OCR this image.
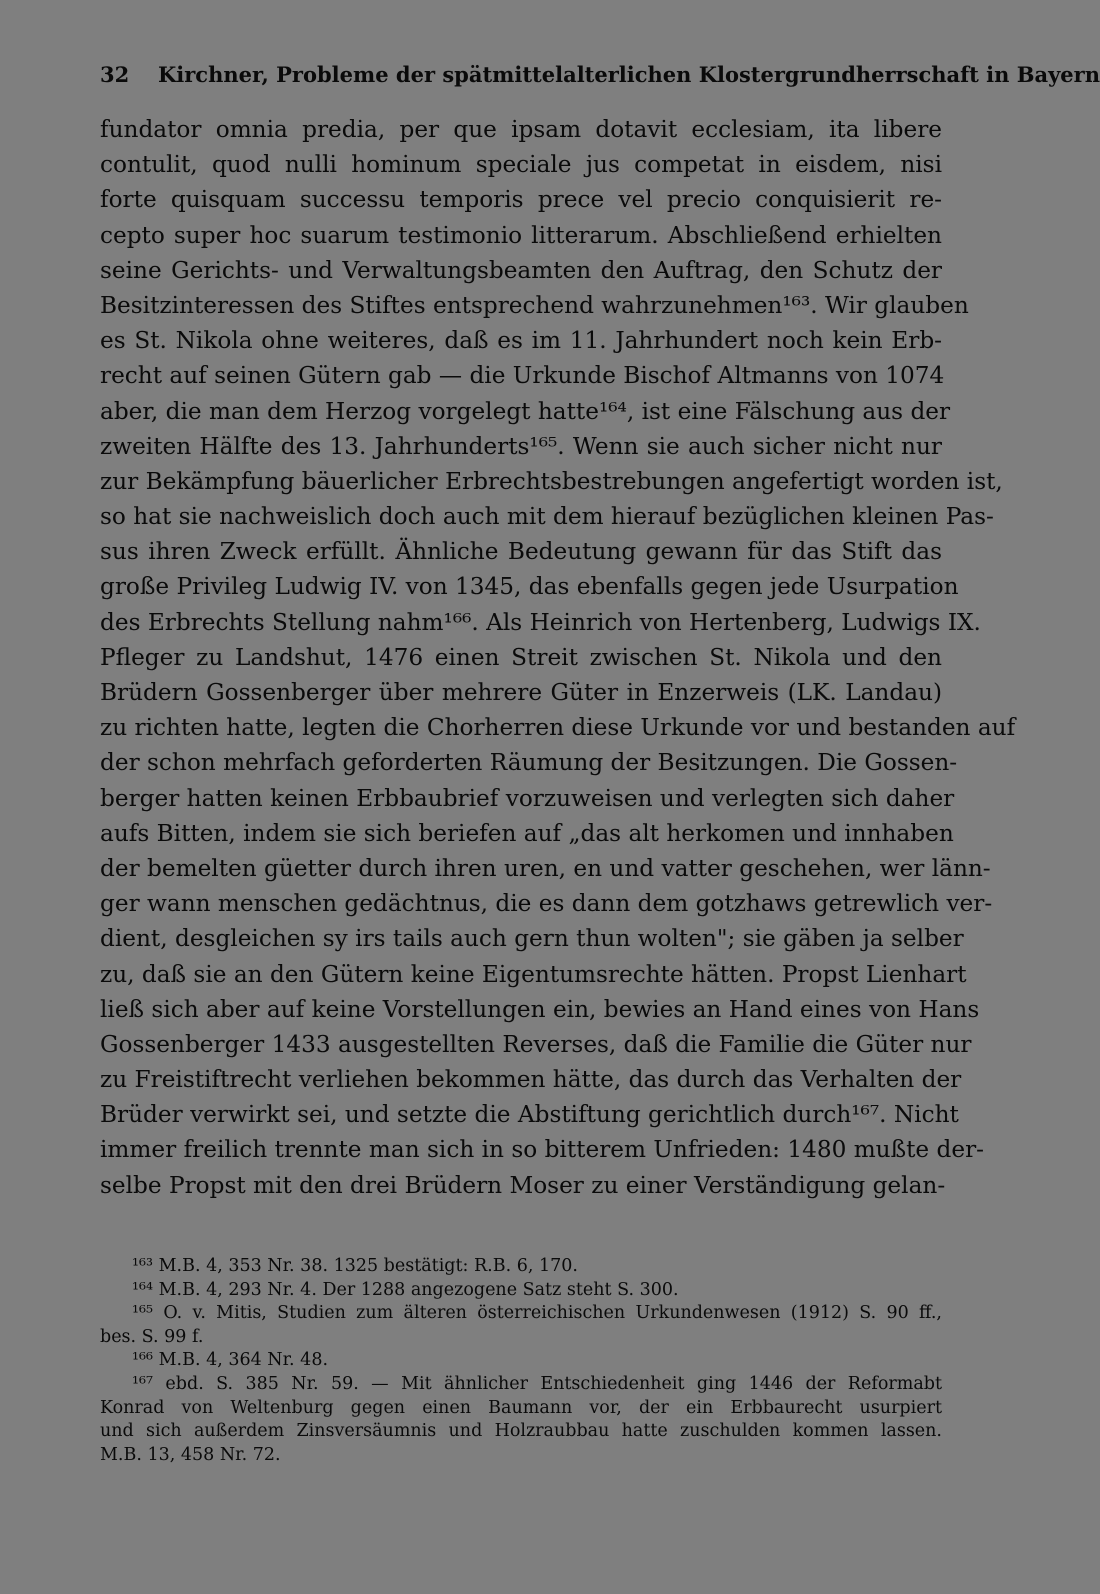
32 Kirchner, Probleme der spätmittelalterlichen Klostergrundherrschaft in Bayern
fundator omnia predia, per que ipsam dotavit ecclesiam, ita libere
contulit, quod nulli hominum speciale jus competat in eisdem, nisi
forte quisquam successu temporis prece vel precio conquisierit re-
cepto super hoc suarum testimonio litterarum. Abschließend erhielten
seine Gerichts- und Verwaltungsbeamten den Auftrag, den Schutz der
Besitzinteressen des Stiftes entsprechend wahrzunehmen¹⁶³. Wir glauben
es St. Nikola ohne weiteres, daß es im 11. Jahrhundert noch kein Erb-
recht auf seinen Gütern gab — die Urkunde Bischof Altmanns von 1074
aber, die man dem Herzog vorgelegt hatte¹⁶⁴, ist eine Fälschung aus der
zweiten Hälfte des 13. Jahrhunderts¹⁶⁵. Wenn sie auch sicher nicht nur
zur Bekämpfung bäuerlicher Erbrechtsbestrebungen angefertigt worden ist,
so hat sie nachweislich doch auch mit dem hierauf bezüglichen kleinen Pas-
sus ihren Zweck erfüllt. Ähnliche Bedeutung gewann für das Stift das
große Privileg Ludwig IV. von 1345, das ebenfalls gegen jede Usurpation
des Erbrechts Stellung nahm¹⁶⁶. Als Heinrich von Hertenberg, Ludwigs IX.
Pfleger zu Landshut, 1476 einen Streit zwischen St. Nikola und den
Brüdern Gossenberger über mehrere Güter in Enzerweis (LK. Landau)
zu richten hatte, legten die Chorherren diese Urkunde vor und bestanden auf
der schon mehrfach geforderten Räumung der Besitzungen. Die Gossen-
berger hatten keinen Erbbaubrief vorzuweisen und verlegten sich daher
aufs Bitten, indem sie sich beriefen auf „das alt herkomen und innhaben
der bemelten güetter durch ihren uren, en und vatter geschehen, wer länn-
ger wann menschen gedächtnus, die es dann dem gotzhaws getrewlich ver-
dient, desgleichen sy irs tails auch gern thun wolten"; sie gäben ja selber
zu, daß sie an den Gütern keine Eigentumsrechte hätten. Propst Lienhart
ließ sich aber auf keine Vorstellungen ein, bewies an Hand eines von Hans
Gossenberger 1433 ausgestellten Reverses, daß die Familie die Güter nur
zu Freistiftrecht verliehen bekommen hätte, das durch das Verhalten der
Brüder verwirkt sei, und setzte die Abstiftung gerichtlich durch¹⁶⁷. Nicht
immer freilich trennte man sich in so bitterem Unfrieden: 1480 mußte der-
selbe Propst mit den drei Brüdern Moser zu einer Verständigung gelan-
¹⁶³ M.B. 4, 353 Nr. 38. 1325 bestätigt: R.B. 6, 170.
¹⁶⁴ M.B. 4, 293 Nr. 4. Der 1288 angezogene Satz steht S. 300.
¹⁶⁵ O. v. Mitis, Studien zum älteren österreichischen Urkundenwesen (1912) S. 90 ff.,
bes. S. 99 f.
¹⁶⁶ M.B. 4, 364 Nr. 48.
¹⁶⁷ ebd. S. 385 Nr. 59. — Mit ähnlicher Entschiedenheit ging 1446 der Reformabt
Konrad von Weltenburg gegen einen Baumann vor, der ein Erbbaurecht usurpiert
und sich außerdem Zinsversäumnis und Holzraubbau hatte zuschulden kommen lassen.
M.B. 13, 458 Nr. 72.
